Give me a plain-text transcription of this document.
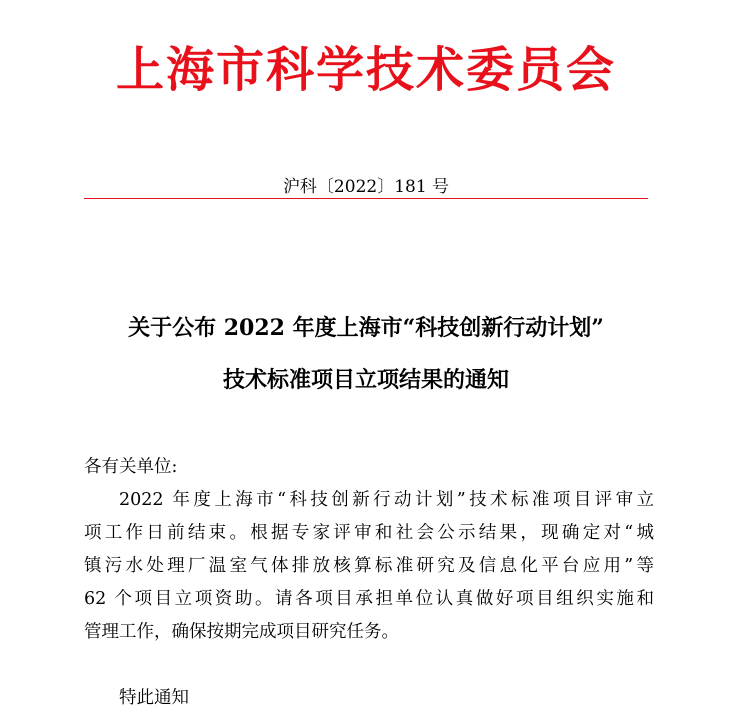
上海市科学技术委员会
沪科〔2022〕181 号
关于公布 2022 年度上海市“科技创新行动计划”
技术标准项目立项结果的通知
各有关单位:
2022 年度上海市“科技创新行动计划”技术标准项目评审立
项工作日前结束。根据专家评审和社会公示结果，现确定对“城
镇污水处理厂温室气体排放核算标准研究及信息化平台应用”等
62 个项目立项资助。请各项目承担单位认真做好项目组织实施和
管理工作，确保按期完成项目研究任务。
特此通知
